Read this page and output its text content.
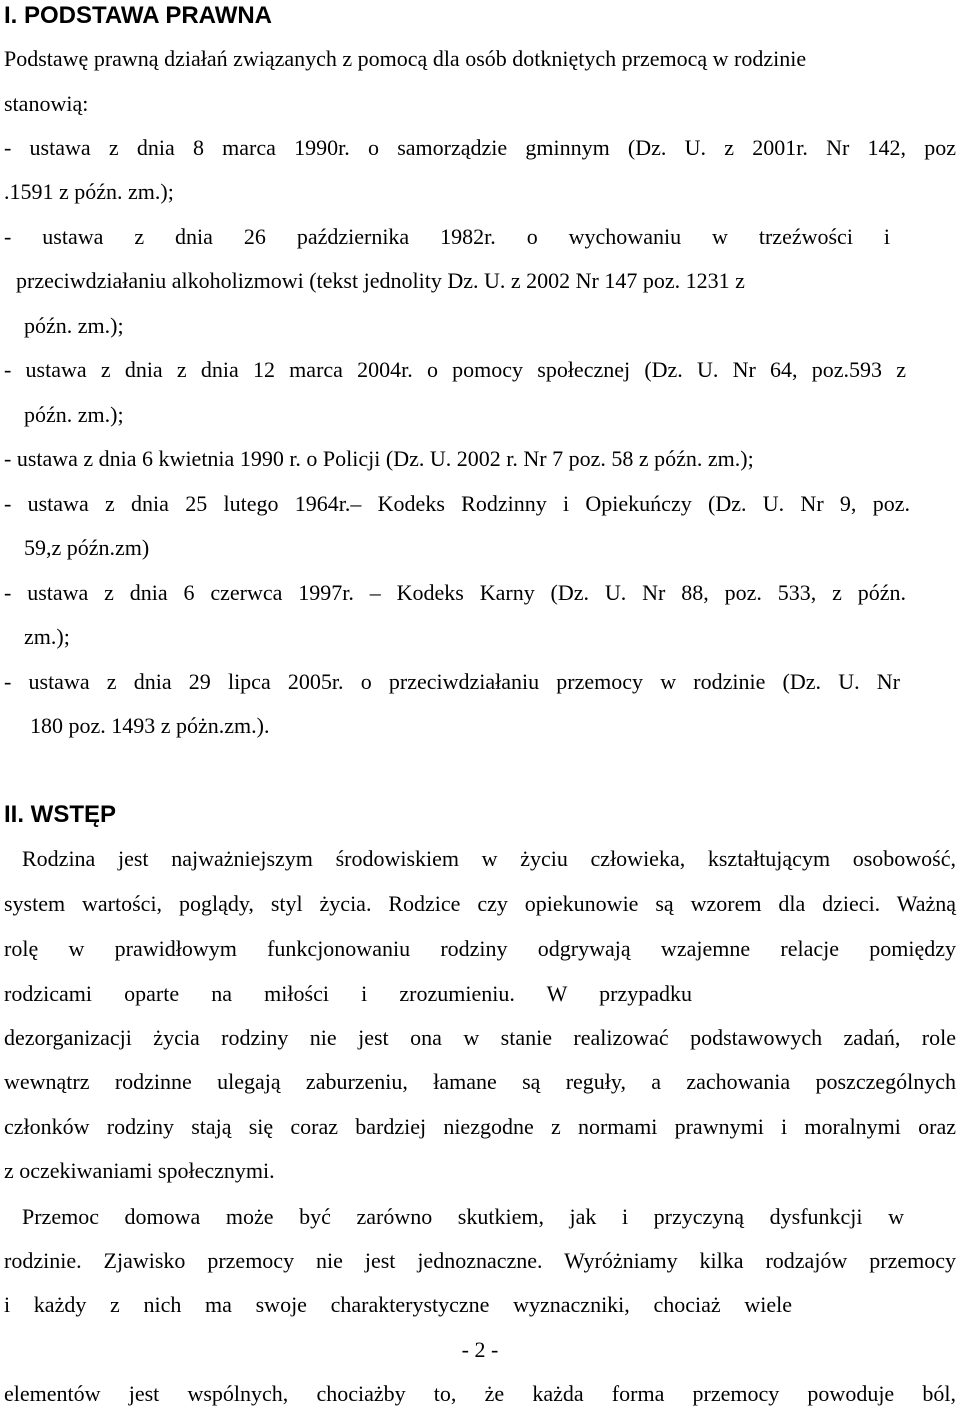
I. PODSTAWA PRAWNA
Podstawę prawną działań związanych z pomocą dla osób dotkniętych przemocą w rodzinie
stanowią:
- ustawa z dnia 8 marca 1990r. o samorządzie gminnym (Dz. U. z 2001r. Nr 142, poz
.1591 z późn. zm.);
- ustawa z dnia 26 października 1982r. o wychowaniu w trzeźwości i
przeciwdziałaniu alkoholizmowi (tekst jednolity Dz. U. z 2002 Nr 147 poz. 1231 z
późn. zm.);
- ustawa z dnia z dnia 12 marca 2004r. o pomocy społecznej (Dz. U. Nr 64, poz.593 z
późn. zm.);
- ustawa z dnia 6 kwietnia 1990 r. o Policji (Dz. U. 2002 r. Nr 7 poz. 58 z późn. zm.);
- ustawa z dnia 25 lutego 1964r.– Kodeks Rodzinny i Opiekuńczy (Dz. U. Nr 9, poz.
59,z późn.zm)
- ustawa z dnia 6 czerwca 1997r. – Kodeks Karny (Dz. U. Nr 88, poz. 533, z późn.
zm.);
- ustawa z dnia 29 lipca 2005r. o przeciwdziałaniu przemocy w rodzinie (Dz. U. Nr
180 poz. 1493 z póżn.zm.).
II. WSTĘP
Rodzina jest najważniejszym środowiskiem w życiu człowieka, kształtującym osobowość,
system wartości, poglądy, styl życia. Rodzice czy opiekunowie są wzorem dla dzieci. Ważną
rolę w prawidłowym funkcjonowaniu rodziny odgrywają wzajemne relacje pomiędzy
rodzicami oparte na miłości i zrozumieniu. W przypadku
dezorganizacji życia rodziny nie jest ona w stanie realizować podstawowych zadań, role
wewnątrz rodzinne ulegają zaburzeniu, łamane są reguły, a zachowania poszczególnych
członków rodziny stają się coraz bardziej niezgodne z normami prawnymi i moralnymi oraz
z oczekiwaniami społecznymi.
Przemoc domowa może być zarówno skutkiem, jak i przyczyną dysfunkcji w
rodzinie. Zjawisko przemocy nie jest jednoznaczne. Wyróżniamy kilka rodzajów przemocy
i każdy z nich ma swoje charakterystyczne wyznaczniki, chociaż wiele
- 2 -
elementów jest wspólnych, chociażby to, że każda forma przemocy powoduje ból,
